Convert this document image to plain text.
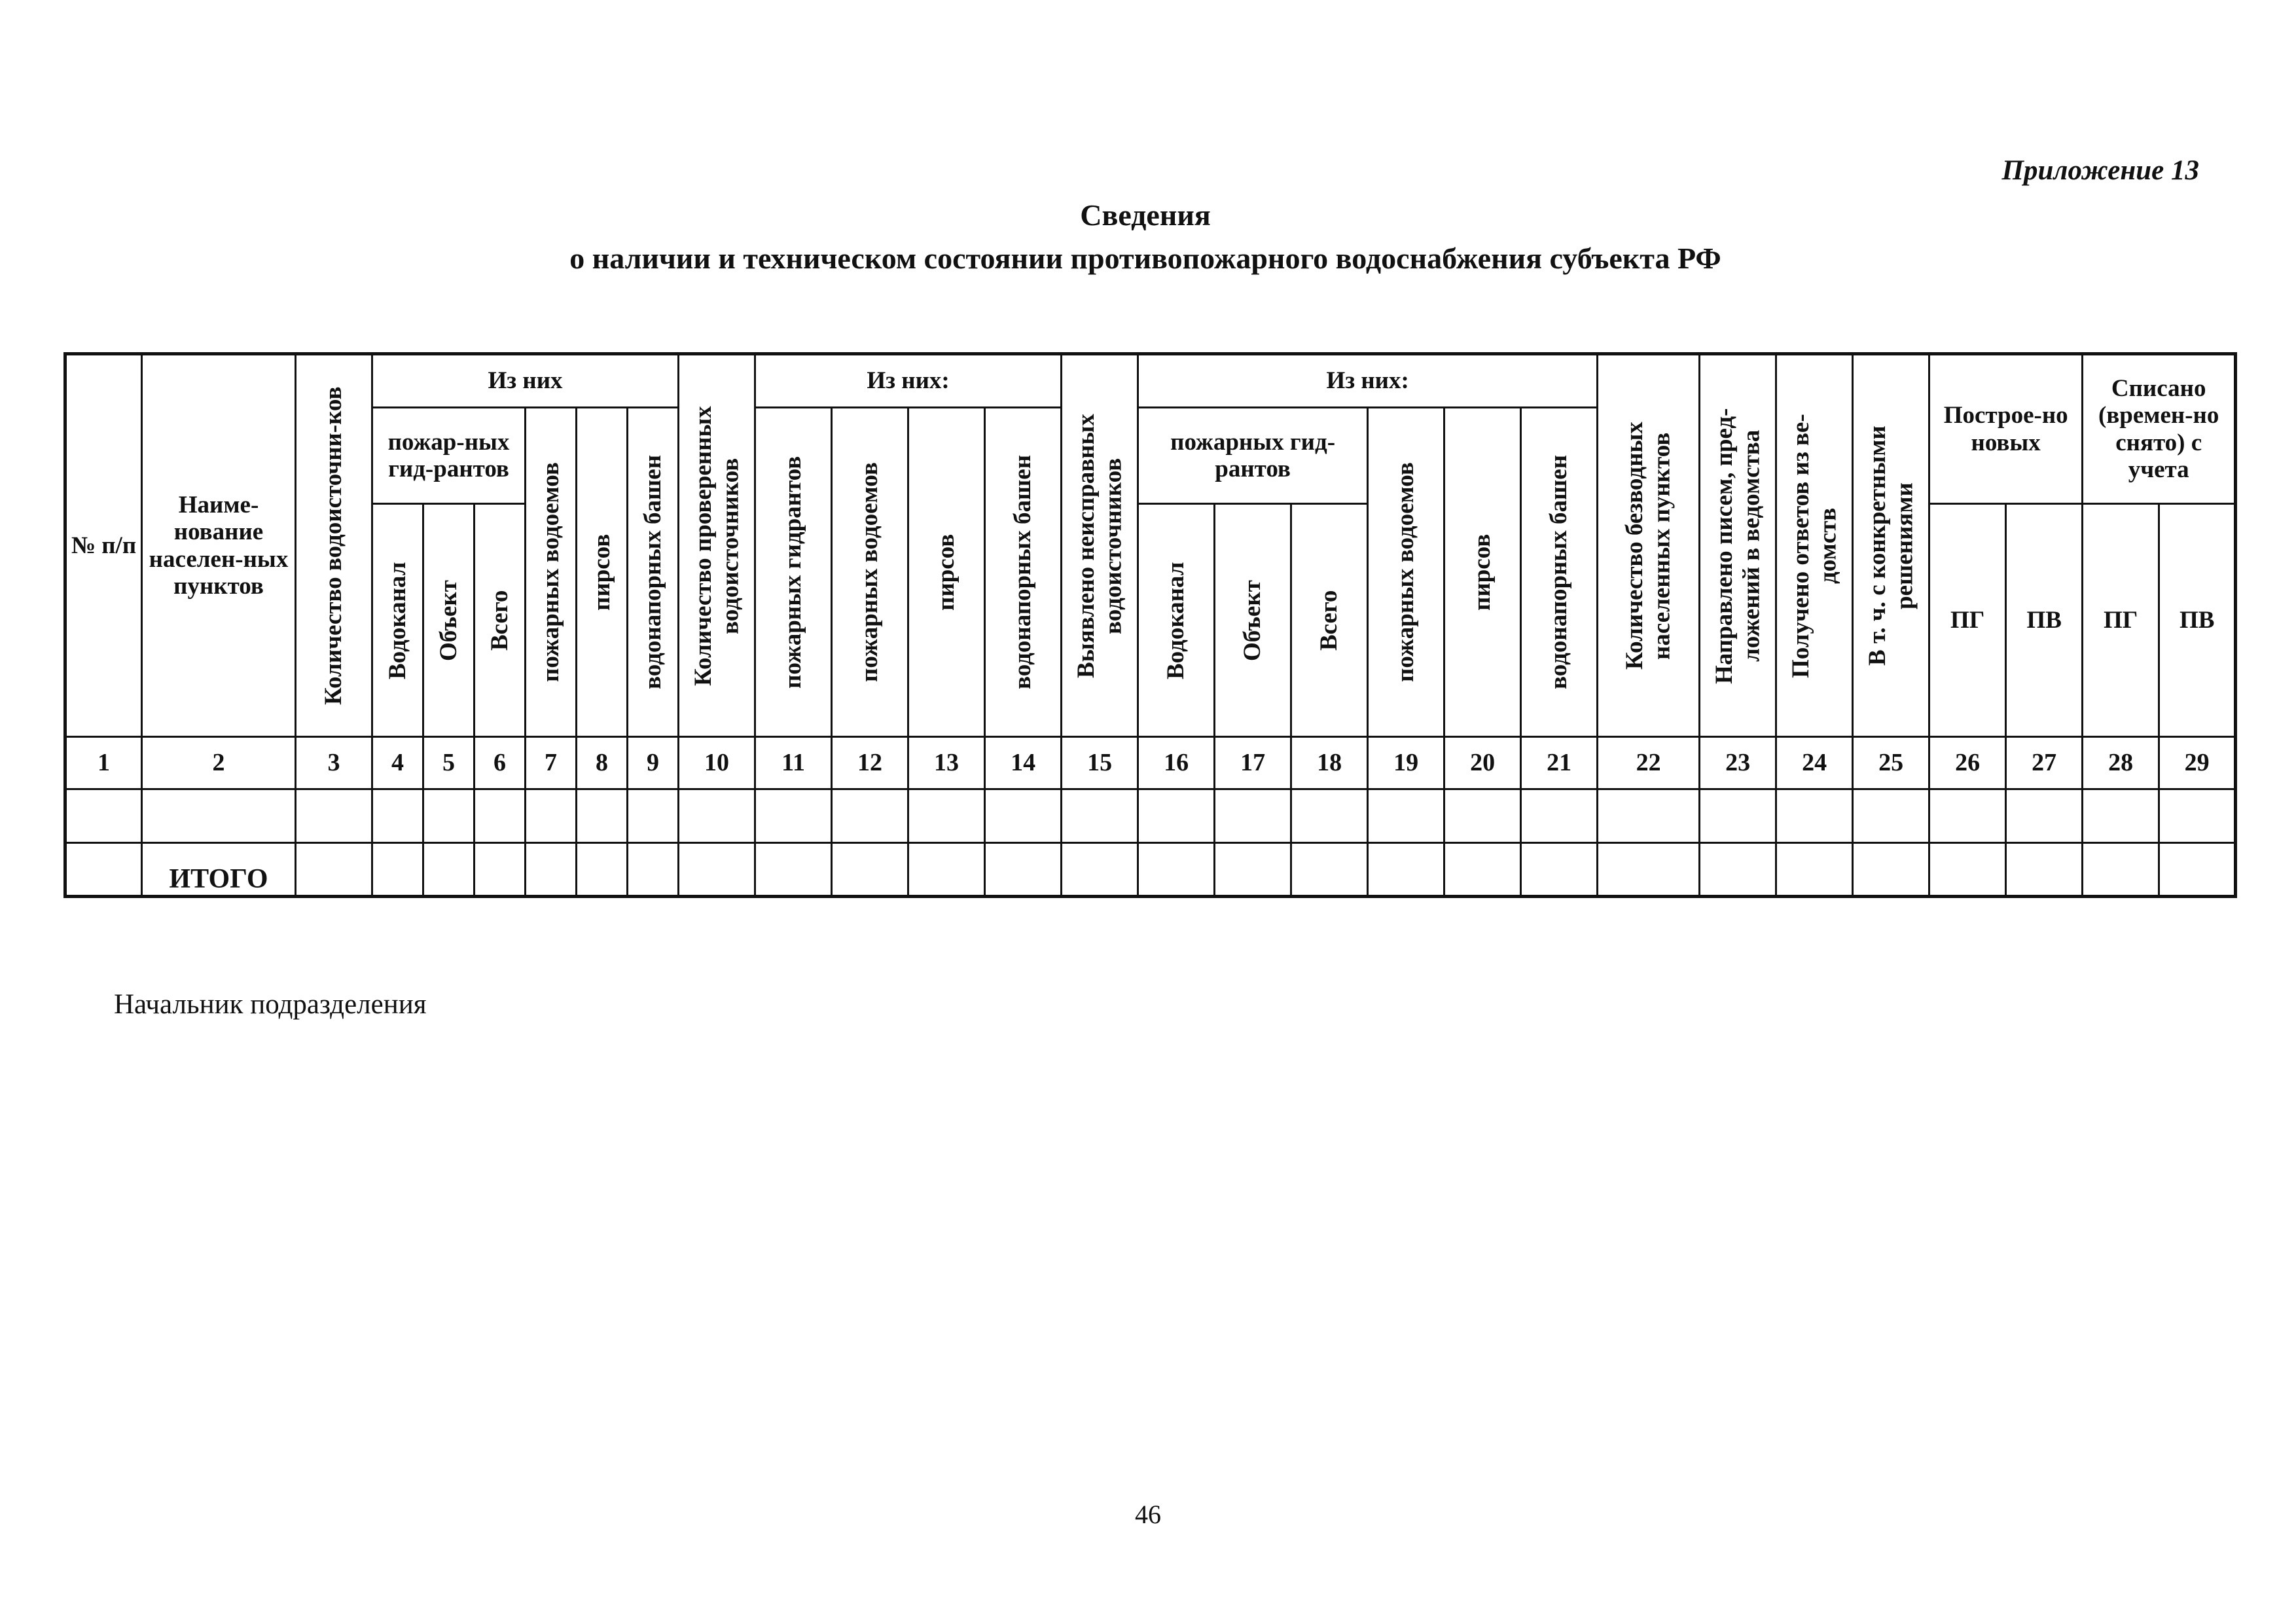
Приложение 13
Сведения
о наличии и техническом состоянии противопожарного водоснабжения субъекта РФ
№ п/п	Наиме-нование населен-ных пунктов	Количество водоисточни-ков	Из них						Количество проверенных водоисточников	Из них:				Выявлено неисправных водоисточников	Из них:						Количество безводных населенных пунктов	Направлено писем, пред-ложений в ведомства	Получено ответов из ве-домств	В т. ч. с конкретными решениями	Построе-но новых		Списано (времен-но снято) с учета	
			пожар-ных гид-рантов			пожарных водоемов	пирсов	водонапорных башен		пожарных гидрантов	пожарных водоемов	пирсов	водонапорных башен		пожарных гид-рантов			пожарных водоемов	пирсов	водонапорных башен								

			Водоканал	Объект	Всего										Водоканал	Объект	Всего								ПГ	ПВ	ПГ	ПВ

1	2	3	4	5	6	7	8	9	10	11	12	13	14	15	16	17	18	19	20	21	22	23	24	25	26	27	28	29

	ИТОГО																											
Начальник подразделения
46
